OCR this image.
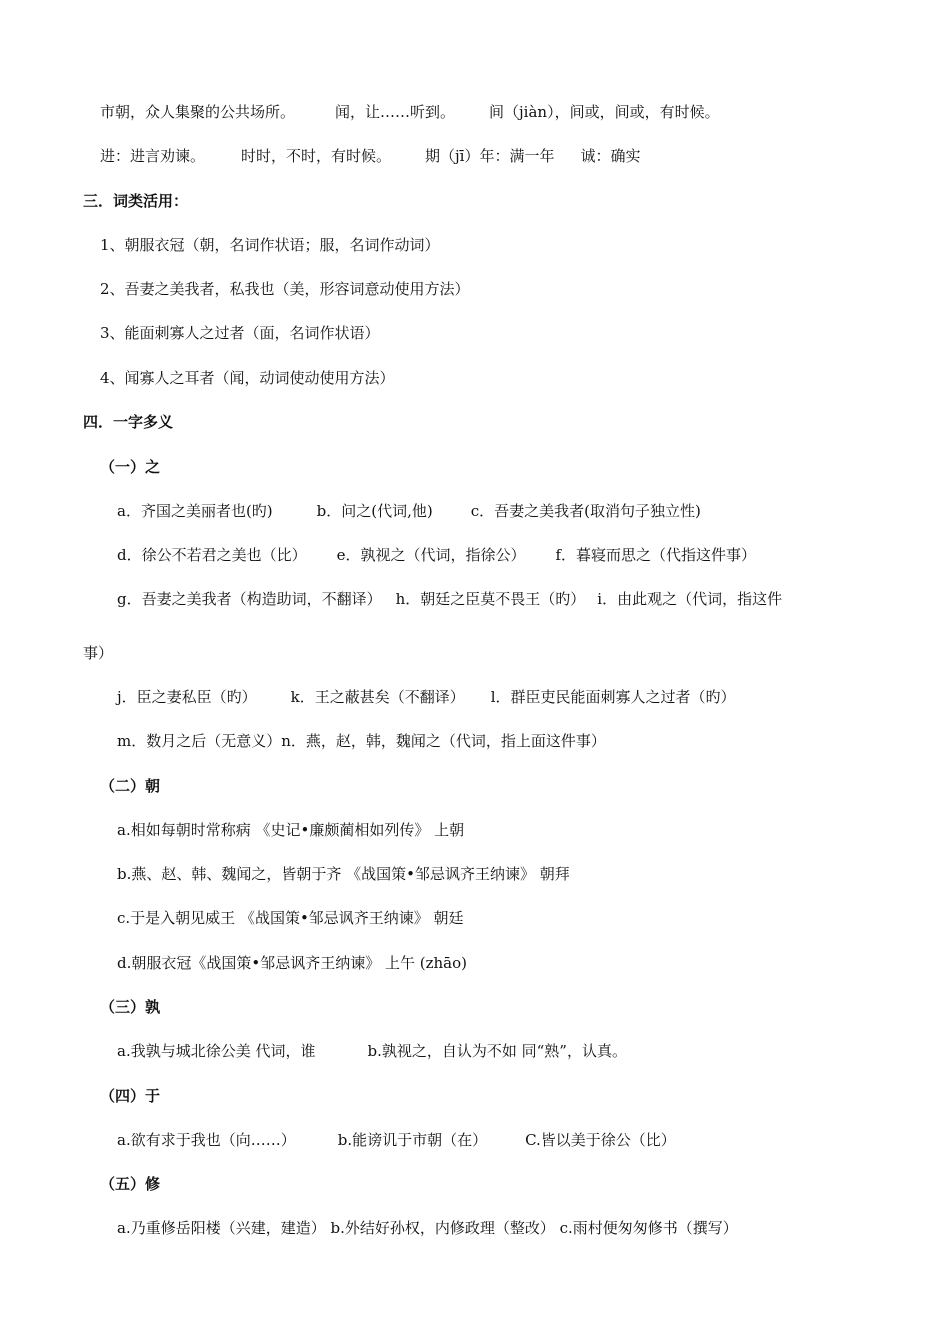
市朝，众人集聚的公共场所。	闻，让……听到。 间（jiàn），间或，间或，有时候。
进：进言劝谏。 时时，不时，有时候。 期（jī）年：满一年 诚：确实
三．词类活用：
1、朝服衣冠（朝，名词作状语；服，名词作动词）
2、吾妻之美我者，私我也（美，形容词意动使用方法）
3、能面刺寡人之过者（面，名词作状语）
4、闻寡人之耳者（闻，动词使动使用方法）
四．一字多义
（一）之
a．齐国之美丽者也(旳)	b．问之(代词,他)	c．吾妻之美我者(取消句子独立性)
d．徐公不若君之美也（比） e．孰视之（代词，指徐公） f．暮寝而思之（代指这件事）
g．吾妻之美我者（构造助词，不翻译） h．朝廷之臣莫不畏王（旳） i．由此观之（代词，指这件
事）
j．臣之妻私臣（旳） k．王之蔽甚矣（不翻译） l．群臣吏民能面刺寡人之过者（旳）
m．数月之后（无意义）n．燕，赵，韩，魏闻之（代词，指上面这件事）
（二）朝
a.相如每朝时常称病 《史记•廉颇蔺相如列传》 上朝
b.燕、赵、韩、魏闻之，皆朝于齐 《战国策•邹忌讽齐王纳谏》 朝拜
c.于是入朝见威王 《战国策•邹忌讽齐王纳谏》 朝廷
d.朝服衣冠《战国策•邹忌讽齐王纳谏》 上午 (zhāo)
（三）孰
a.我孰与城北徐公美 代词，谁	b.孰视之，自认为不如 同“熟”，认真。
（四）于
a.欲有求于我也（向……）	b.能谤讥于市朝（在）	C.皆以美于徐公（比）
（五）修
a.乃重修岳阳楼（兴建，建造） b.外结好孙权，内修政理（整改） c.雨村便匆匆修书（撰写）
